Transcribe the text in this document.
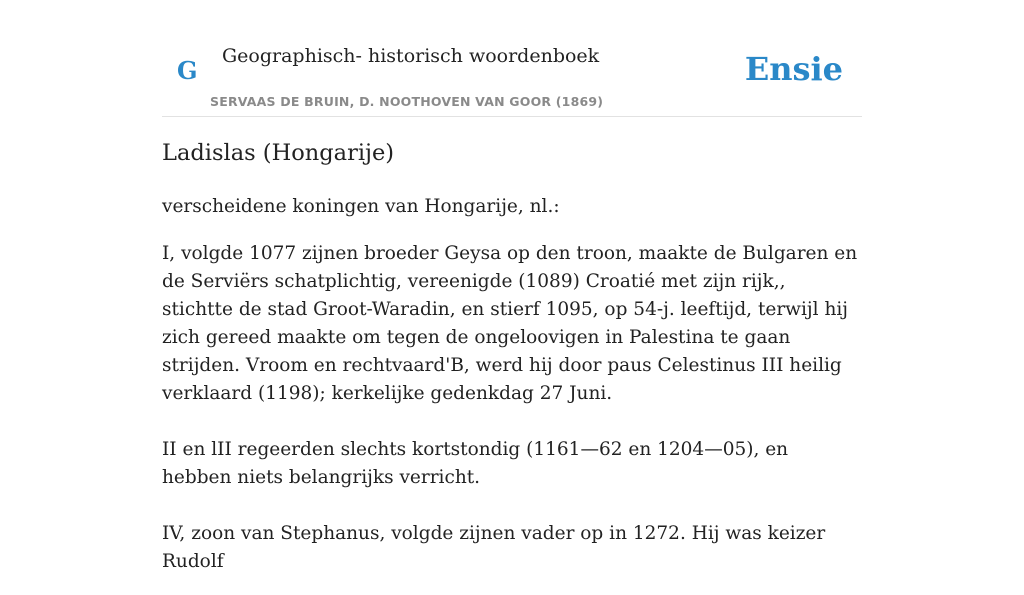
G Geographisch- historisch woordenboek
SERVAAS DE BRUIN, D. NOOTHOVEN VAN GOOR (1869)
Ensie
Ladislas (Hongarije)

verscheidene koningen van Hongarije, nl.:

I, volgde 1077 zijnen broeder Geysa op den troon, maakte de Bulgaren en de Serviërs schatplichtig, vereenigde (1089) Croatié met zijn rijk,, stichtte de stad Groot-Waradin, en stierf 1095, op 54-j. leeftijd, terwijl hij zich gereed maakte om tegen de ongeloovigen in Palestina te gaan strijden. Vroom en rechtvaard'B, werd hij door paus Celestinus III heilig verklaard (1198); kerkelijke gedenkdag 27 Juni.

II en lII regeerden slechts kortstondig (1161—62 en 1204—05), en hebben niets belangrijks verricht.

IV, zoon van Stephanus, volgde zijnen vader op in 1272. Hij was keizer Rudolf
